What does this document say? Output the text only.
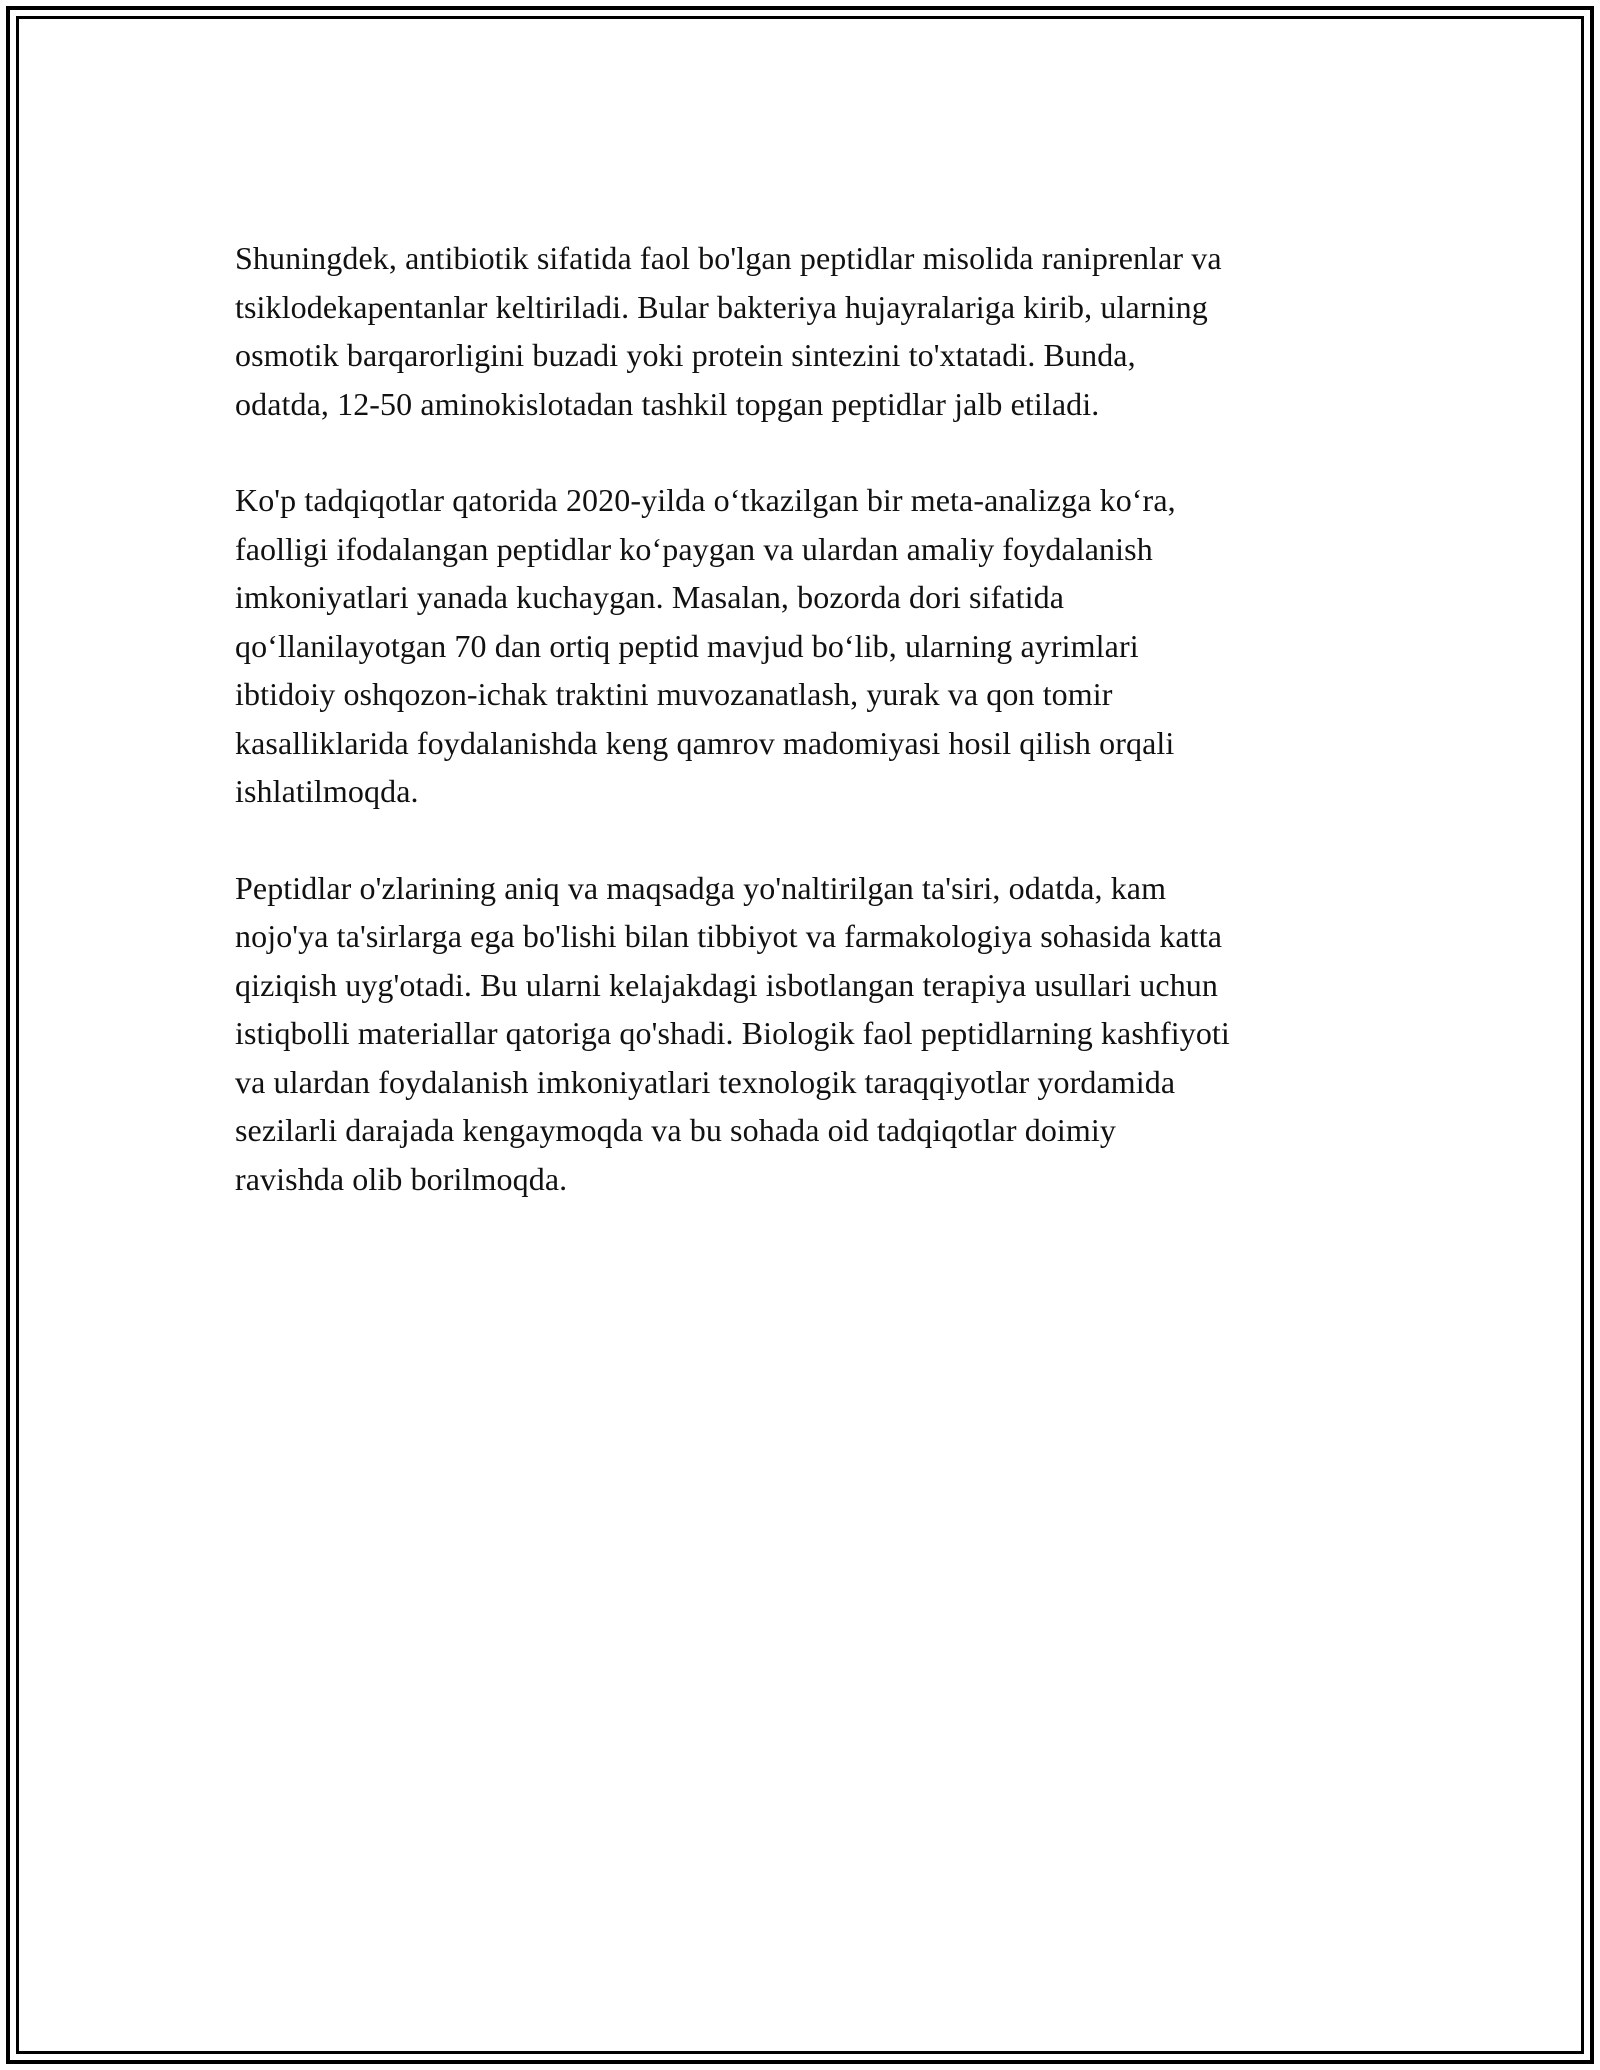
Shuningdek, antibiotik sifatida faol bo'lgan peptidlar misolida raniprenlar va
tsiklodekapentanlar keltiriladi. Bular bakteriya hujayralariga kirib, ularning
osmotik barqarorligini buzadi yoki protein sintezini to'xtatadi. Bunda,
odatda, 12-50 aminokislotadan tashkil topgan peptidlar jalb etiladi.

Ko'p tadqiqotlar qatorida 2020-yilda oʻtkazilgan bir meta-analizga koʻra,
faolligi ifodalangan peptidlar koʻpaygan va ulardan amaliy foydalanish
imkoniyatlari yanada kuchaygan. Masalan, bozorda dori sifatida
qoʻllanilayotgan 70 dan ortiq peptid mavjud boʻlib, ularning ayrimlari
ibtidoiy oshqozon-ichak traktini muvozanatlash, yurak va qon tomir
kasalliklarida foydalanishda keng qamrov madomiyasi hosil qilish orqali
ishlatilmoqda.

Peptidlar o'zlarining aniq va maqsadga yo'naltirilgan ta'siri, odatda, kam
nojo'ya ta'sirlarga ega bo'lishi bilan tibbiyot va farmakologiya sohasida katta
qiziqish uyg'otadi. Bu ularni kelajakdagi isbotlangan terapiya usullari uchun
istiqbolli materiallar qatoriga qo'shadi. Biologik faol peptidlarning kashfiyoti
va ulardan foydalanish imkoniyatlari texnologik taraqqiyotlar yordamida
sezilarli darajada kengaymoqda va bu sohada oid tadqiqotlar doimiy
ravishda olib borilmoqda.
